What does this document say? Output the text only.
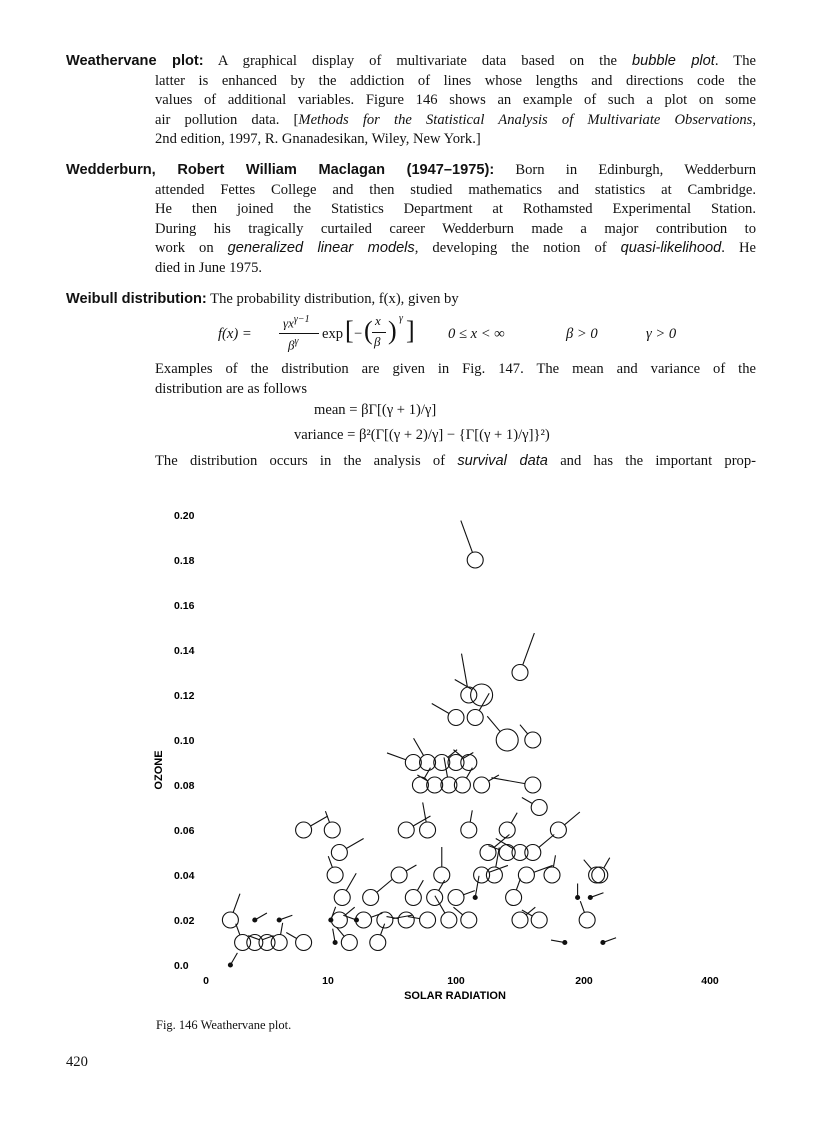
Weathervane plot: A graphical display of multivariate data based on the bubble plot. The
latter is enhanced by the addiction of lines whose lengths and directions code the
values of additional variables. Figure 146 shows an example of such a plot on some
air pollution data. [Methods for the Statistical Analysis of Multivariate Observations,
2nd edition, 1997, R. Gnanadesikan, Wiley, New York.]
Wedderburn, Robert William Maclagan (1947–1975): Born in Edinburgh, Wedderburn
attended Fettes College and then studied mathematics and statistics at Cambridge.
He then joined the Statistics Department at Rothamsted Experimental Station.
During his tragically curtailed career Wedderburn made a major contribution to
work on generalized linear models, developing the notion of quasi-likelihood. He
died in June 1975.
Weibull distribution: The probability distribution, f(x), given by
f(x) =
$\gamma x^{\gamma-1}$
$\beta^\gamma$ exp [ − ( x
β ) γ ] 0 ≤ x < ∞	β > 0	γ > 0
Examples of the distribution are given in Fig. 147. The mean and variance of the
distribution are as follows
mean = βΓ[(γ + 1)/γ]
variance = β²(Γ[(γ + 2)/γ] − {Γ[(γ + 1)/γ]}²)
The distribution occurs in the analysis of survival data and has the important prop-
0.0
0.02
0.04
0.06
0.08
0.10
0.12
0.14
0.16
0.18
0.20
0	10	100	200	400
OZONE
SOLAR RADIATION
Fig. 146 Weathervane plot.
420
